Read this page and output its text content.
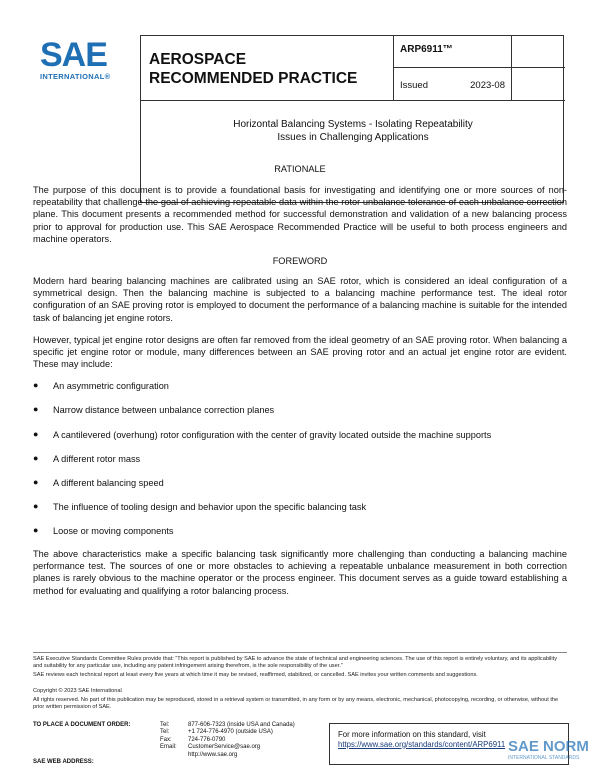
SAE
INTERNATIONAL®
AEROSPACE
RECOMMENDED PRACTICE
ARP6911™
Issued	2023-08
Horizontal Balancing Systems - Isolating Repeatability
Issues in Challenging Applications
RATIONALE
The purpose of this document is to provide a foundational basis for investigating and identifying one or more sources of non-repeatability that challenge the goal of achieving repeatable data within the rotor unbalance tolerance of each unbalance correction plane. This document presents a recommended method for successful demonstration and validation of a new balancing process prior to approval for production use. This SAE Aerospace Recommended Practice will be useful to both process engineers and machine operators.
FOREWORD
Modern hard bearing balancing machines are calibrated using an SAE rotor, which is considered an ideal configuration of a symmetrical design. Then the balancing machine is subjected to a balancing machine performance test. The ideal rotor configuration of an SAE proving rotor is employed to document the performance of a balancing machine is suitable for the intended task of balancing jet engine rotors.
However, typical jet engine rotor designs are often far removed from the ideal geometry of an SAE proving rotor. When balancing a specific jet engine rotor or module, many differences between an SAE proving rotor and an actual jet engine rotor are evident. These may include:
● An asymmetric configuration
● Narrow distance between unbalance correction planes
● A cantilevered (overhung) rotor configuration with the center of gravity located outside the machine supports
● A different rotor mass
● A different balancing speed
● The influence of tooling design and behavior upon the specific balancing task
● Loose or moving components
The above characteristics make a specific balancing task significantly more challenging than conducting a balancing machine performance test. The sources of one or more obstacles to achieving a repeatable unbalance measurement in both correction planes is rarely obvious to the machine operator or the process engineer. This document serves as a guide toward establishing a method for evaluating and qualifying a rotor balancing process.
SAE Executive Standards Committee Rules provide that: “This report is published by SAE to advance the state of technical and engineering sciences. The use of this report is entirely voluntary, and its applicability and suitability for any particular use, including any patent infringement arising therefrom, is the sole responsibility of the user.”
SAE reviews each technical report at least every five years at which time it may be revised, reaffirmed, stabilized, or cancelled. SAE invites your written comments and suggestions.
Copyright © 2023 SAE International
All rights reserved. No part of this publication may be reproduced, stored in a retrieval system or transmitted, in any form or by any means, electronic, mechanical, photocopying, recording, or otherwise, without the prior written permission of SAE.
TO PLACE A DOCUMENT ORDER:	Tel:
Tel:
Fax:
Email:
877-606-7323 (inside USA and Canada)
+1 724-776-4970 (outside USA)
724-776-0790
CustomerService@sae.org
http://www.sae.org
SAE WEB ADDRESS:
For more information on this standard, visit
https://www.sae.org/standards/content/ARP6911 SAE NORM
INTERNATIONAL STANDARDS
